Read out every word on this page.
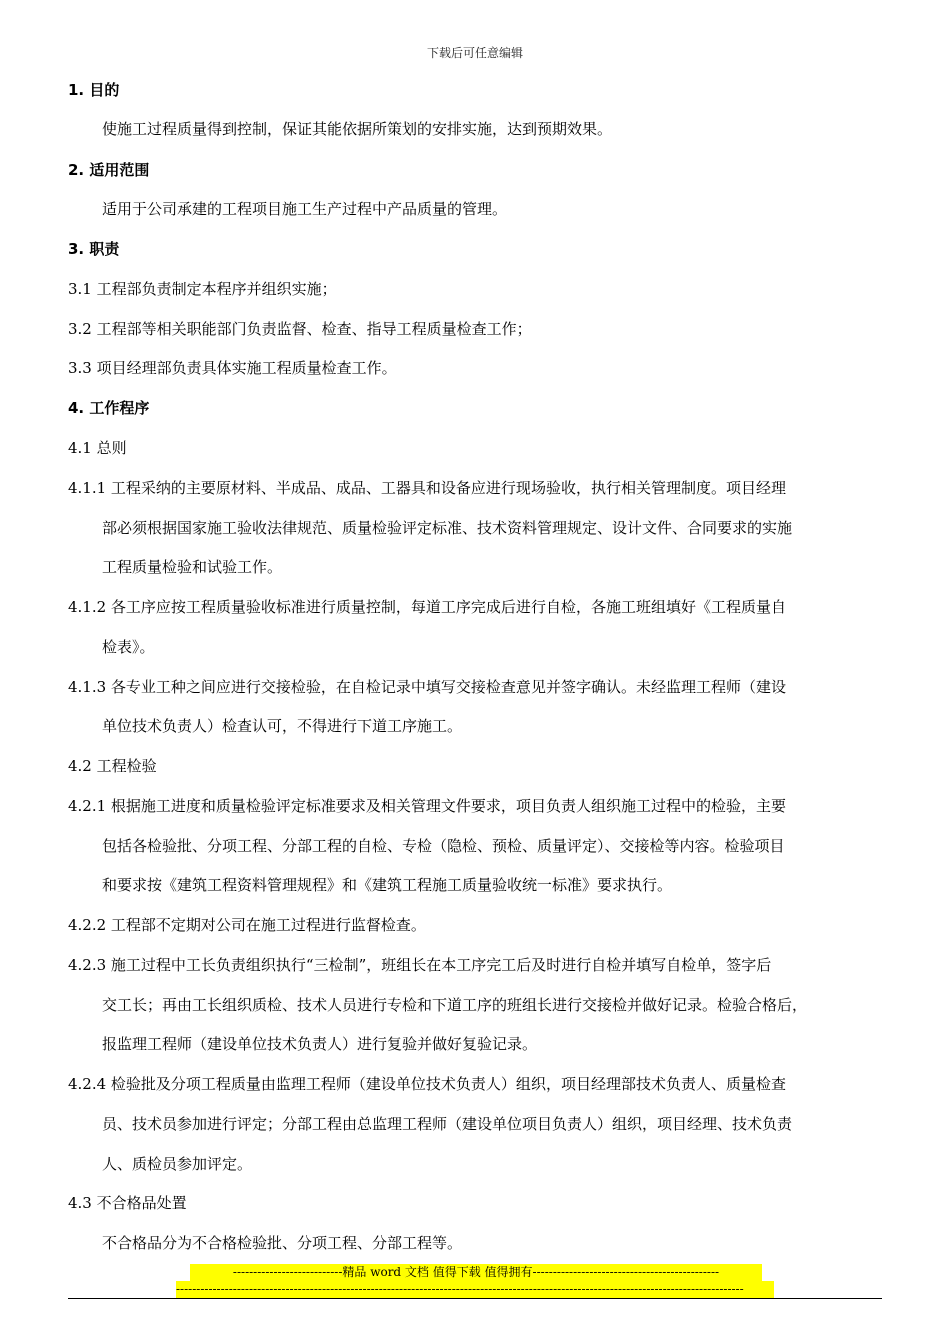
下载后可任意编辑
1. 目的
使施工过程质量得到控制，保证其能依据所策划的安排实施，达到预期效果。
2. 适用范围
适用于公司承建的工程项目施工生产过程中产品质量的管理。
3. 职责
3.1 工程部负责制定本程序并组织实施；
3.2 工程部等相关职能部门负责监督、检查、指导工程质量检查工作；
3.3 项目经理部负责具体实施工程质量检查工作。
4. 工作程序
4.1 总则
4.1.1 工程采纳的主要原材料、半成品、成品、工器具和设备应进行现场验收，执行相关管理制度。项目经理
部必须根据国家施工验收法律规范、质量检验评定标准、技术资料管理规定、设计文件、合同要求的实施
工程质量检验和试验工作。
4.1.2 各工序应按工程质量验收标准进行质量控制，每道工序完成后进行自检，各施工班组填好《工程质量自
检表》。
4.1.3 各专业工种之间应进行交接检验，在自检记录中填写交接检查意见并签字确认。未经监理工程师（建设
单位技术负责人）检查认可，不得进行下道工序施工。
4.2 工程检验
4.2.1 根据施工进度和质量检验评定标准要求及相关管理文件要求，项目负责人组织施工过程中的检验，主要
包括各检验批、分项工程、分部工程的自检、专检（隐检、预检、质量评定）、交接检等内容。检验项目
和要求按《建筑工程资料管理规程》和《建筑工程施工质量验收统一标准》要求执行。
4.2.2 工程部不定期对公司在施工过程进行监督检查。
4.2.3 施工过程中工长负责组织执行“三检制”，班组长在本工序完工后及时进行自检并填写自检单，签字后
交工长；再由工长组织质检、技术人员进行专检和下道工序的班组长进行交接检并做好记录。检验合格后，
报监理工程师（建设单位技术负责人）进行复验并做好复验记录。
4.2.4 检验批及分项工程质量由监理工程师（建设单位技术负责人）组织，项目经理部技术负责人、质量检查
员、技术员参加进行评定；分部工程由总监理工程师（建设单位项目负责人）组织，项目经理、技术负责
人、质检员参加评定。
4.3 不合格品处置
不合格品分为不合格检验批、分项工程、分部工程等。
---------------------------精品 word 文档 值得下载 值得拥有----------------------------------------------
--------------------------------------------------------------------------------------------------------------------------------------------
